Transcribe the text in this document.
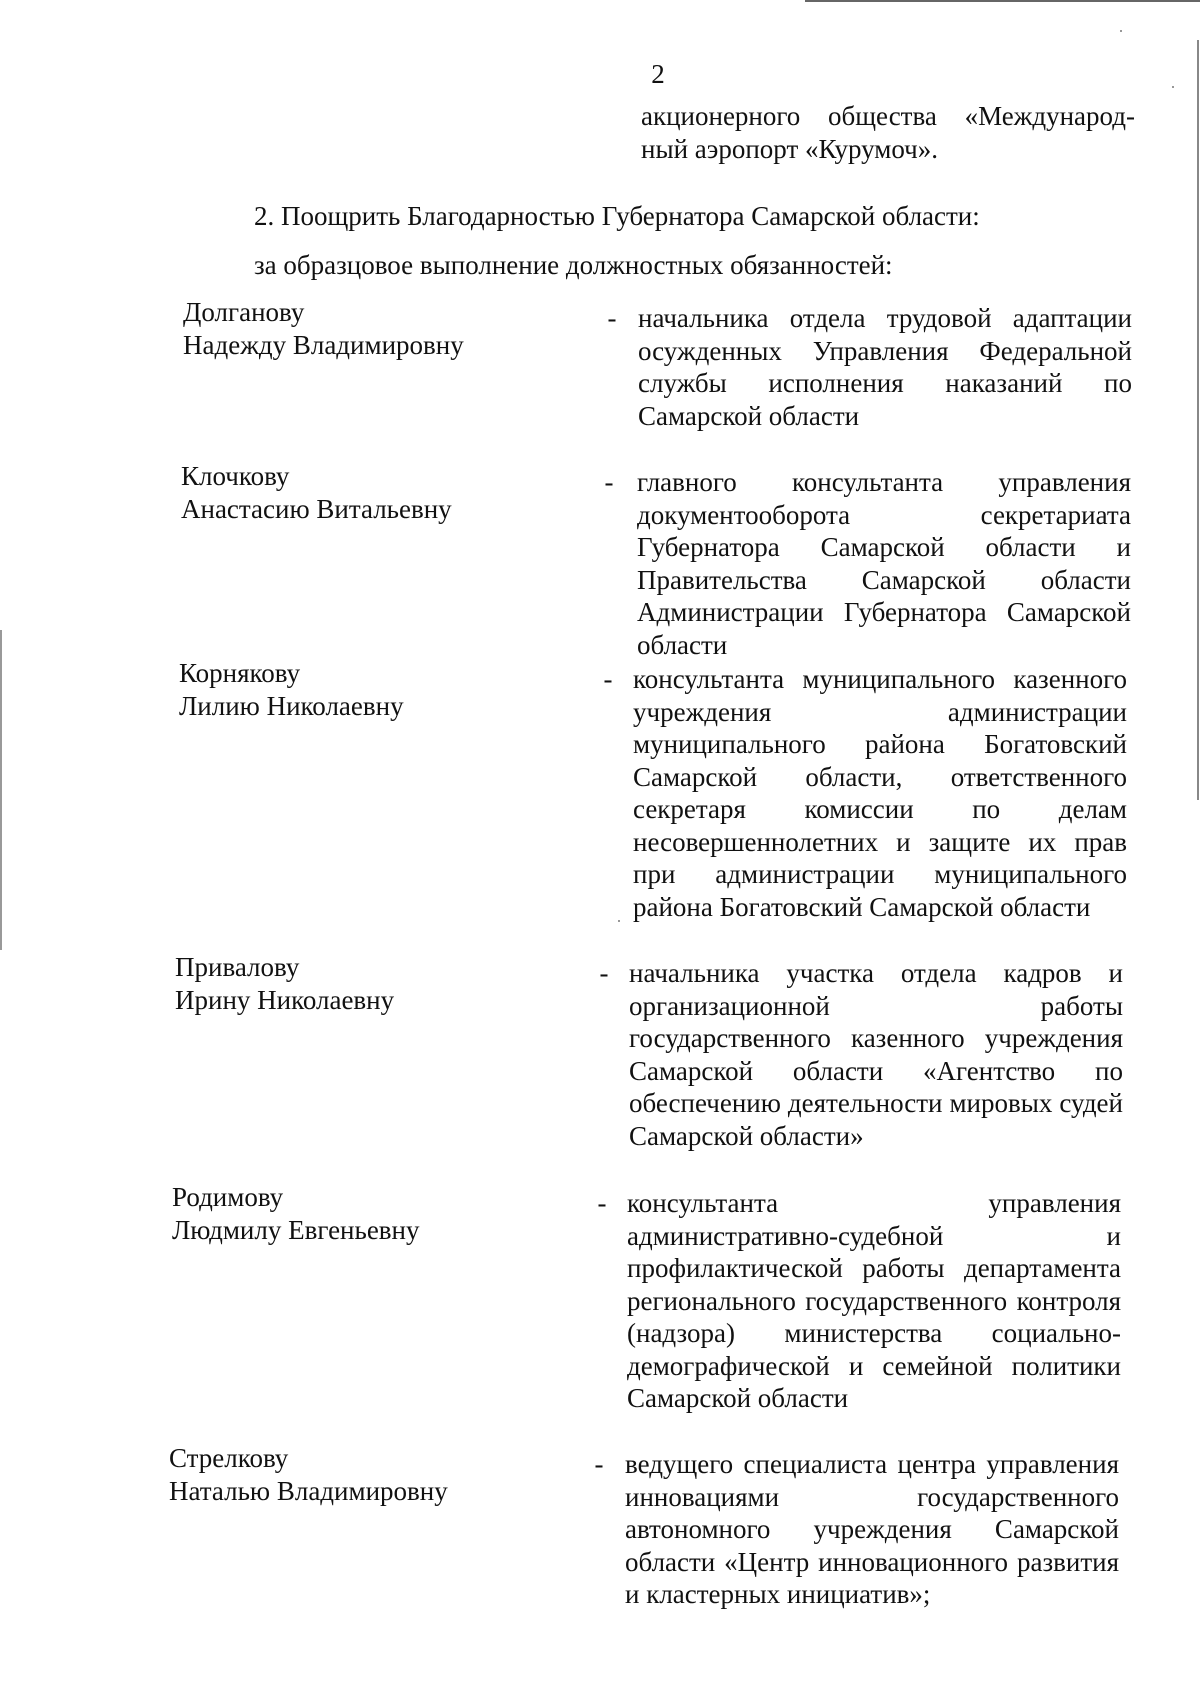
2
акционерного общества «Международ-
ный аэропорт «Курумоч».
2. Поощрить Благодарностью Губернатора Самарской области:
за образцовое выполнение должностных обязанностей:
Долганову
Надежду Владимировну
- начальника отдела трудовой адаптации осужденных Управления Федеральной службы исполнения наказаний по Самарской области
Клочкову
Анастасию Витальевну
- главного консультанта управления документооборота секретариата Губернатора Самарской области и Правительства Самарской области Администрации Губернатора Самарской области
Корнякову
Лилию Николаевну
- консультанта муниципального казенного учреждения администрации муниципального района Богатовский Самарской области, ответственного секретаря комиссии по делам несовершеннолетних и защите их прав при администрации муниципального района Богатовский Самарской области
Привалову
Ирину Николаевну
- начальника участка отдела кадров и организационной работы государственного казенного учреждения Самарской области «Агентство по обеспечению деятельности мировых судей Самарской области»
Родимову
Людмилу Евгеньевну
- консультанта управления административно-судебной и профилактической работы департамента регионального государственного контроля (надзора) министерства социально-демографической и семейной политики Самарской области
Стрелкову
Наталью Владимировну
- ведущего специалиста центра управления инновациями государственного автономного учреждения Самарской области «Центр инновационного развития и кластерных инициатив»;
